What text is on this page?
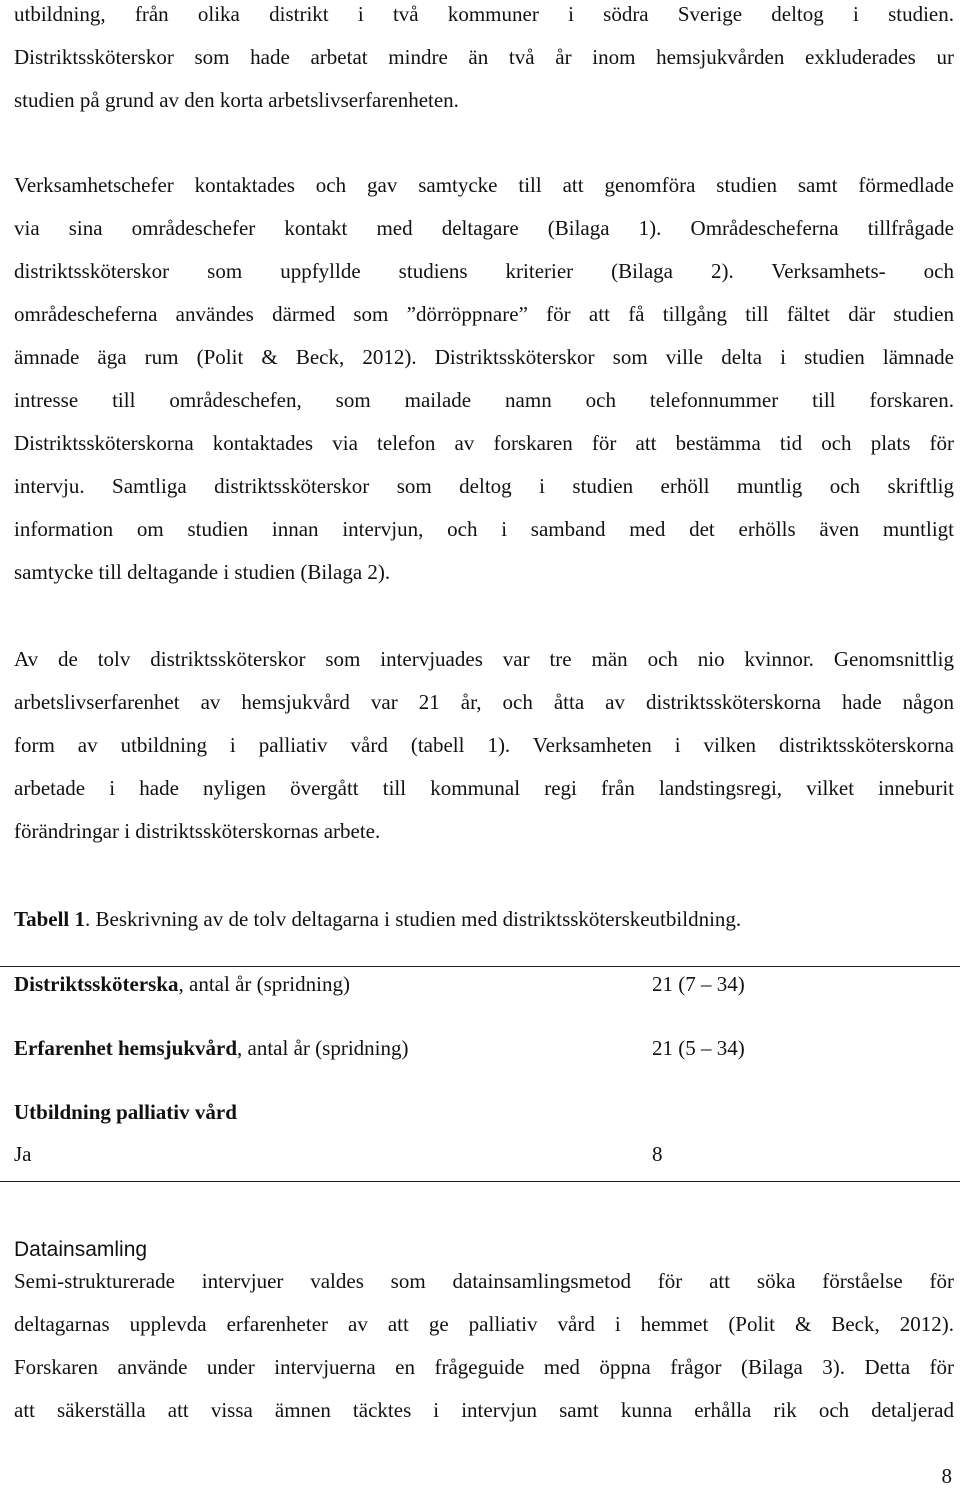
utbildning, från olika distrikt i två kommuner i södra Sverige deltog i studien.
Distriktssköterskor som hade arbetat mindre än två år inom hemsjukvården exkluderades ur
studien på grund av den korta arbetslivserfarenheten.
Verksamhetschefer kontaktades och gav samtycke till att genomföra studien samt förmedlade
via sina områdeschefer kontakt med deltagare (Bilaga 1). Områdescheferna tillfrågade
distriktssköterskor som uppfyllde studiens kriterier (Bilaga 2). Verksamhets- och
områdescheferna användes därmed som ”dörröppnare” för att få tillgång till fältet där studien
ämnade äga rum (Polit & Beck, 2012). Distriktssköterskor som ville delta i studien lämnade
intresse till områdeschefen, som mailade namn och telefonnummer till forskaren.
Distriktssköterskorna kontaktades via telefon av forskaren för att bestämma tid och plats för
intervju. Samtliga distriktssköterskor som deltog i studien erhöll muntlig och skriftlig
information om studien innan intervjun, och i samband med det erhölls även muntligt
samtycke till deltagande i studien (Bilaga 2).
Av de tolv distriktssköterskor som intervjuades var tre män och nio kvinnor. Genomsnittlig
arbetslivserfarenhet av hemsjukvård var 21 år, och åtta av distriktssköterskorna hade någon
form av utbildning i palliativ vård (tabell 1). Verksamheten i vilken distriktssköterskorna
arbetade i hade nyligen övergått till kommunal regi från landstingsregi, vilket inneburit
förändringar i distriktssköterskornas arbete.

Tabell 1. Beskrivning av de tolv deltagarna i studien med distriktssköterskeutbildning.

Distriktssköterska, antal år (spridning)	21 (7 – 34)
Erfarenhet hemsjukvård, antal år (spridning)	21 (5 – 34)
Utbildning palliativ vård
Ja	8

Datainsamling

Semi-strukturerade intervjuer valdes som datainsamlingsmetod för att söka förståelse för
deltagarnas upplevda erfarenheter av att ge palliativ vård i hemmet (Polit & Beck, 2012).
Forskaren använde under intervjuerna en frågeguide med öppna frågor (Bilaga 3). Detta för
att säkerställa att vissa ämnen täcktes i intervjun samt kunna erhålla rik och detaljerad
8
